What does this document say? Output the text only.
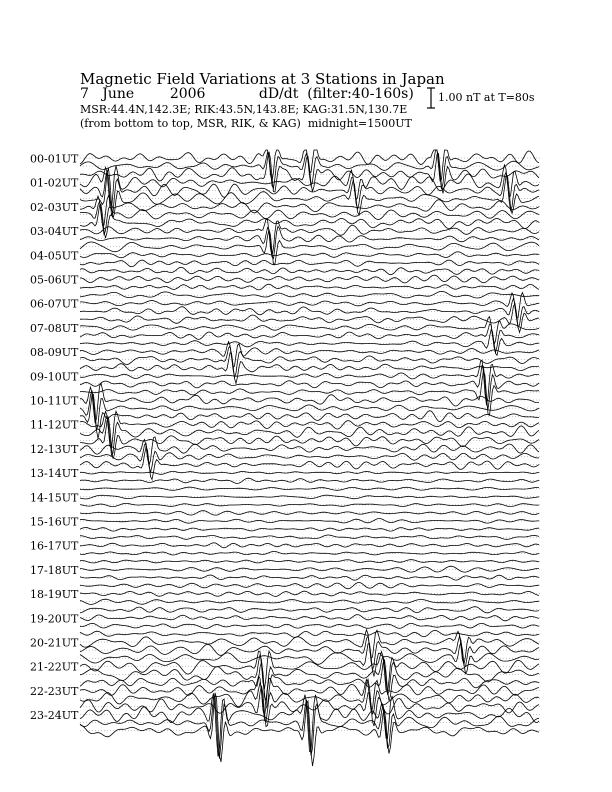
Magnetic Field Variations at 3 Stations in Japan
7 June	2006	dD/dt (filter:40-160s)
MSR:44.4N,142.3E; RIK:43.5N,143.8E; KAG:31.5N,130.7E
(from bottom to top, MSR, RIK, & KAG) midnight=1500UT
1.00 nT at T=80s
00-01UT
01-02UT
02-03UT
03-04UT
04-05UT
05-06UT
06-07UT
07-08UT
08-09UT
09-10UT
10-11UT
11-12UT
12-13UT
13-14UT
14-15UT
15-16UT
16-17UT
17-18UT
18-19UT
19-20UT
20-21UT
21-22UT
22-23UT
23-24UT
